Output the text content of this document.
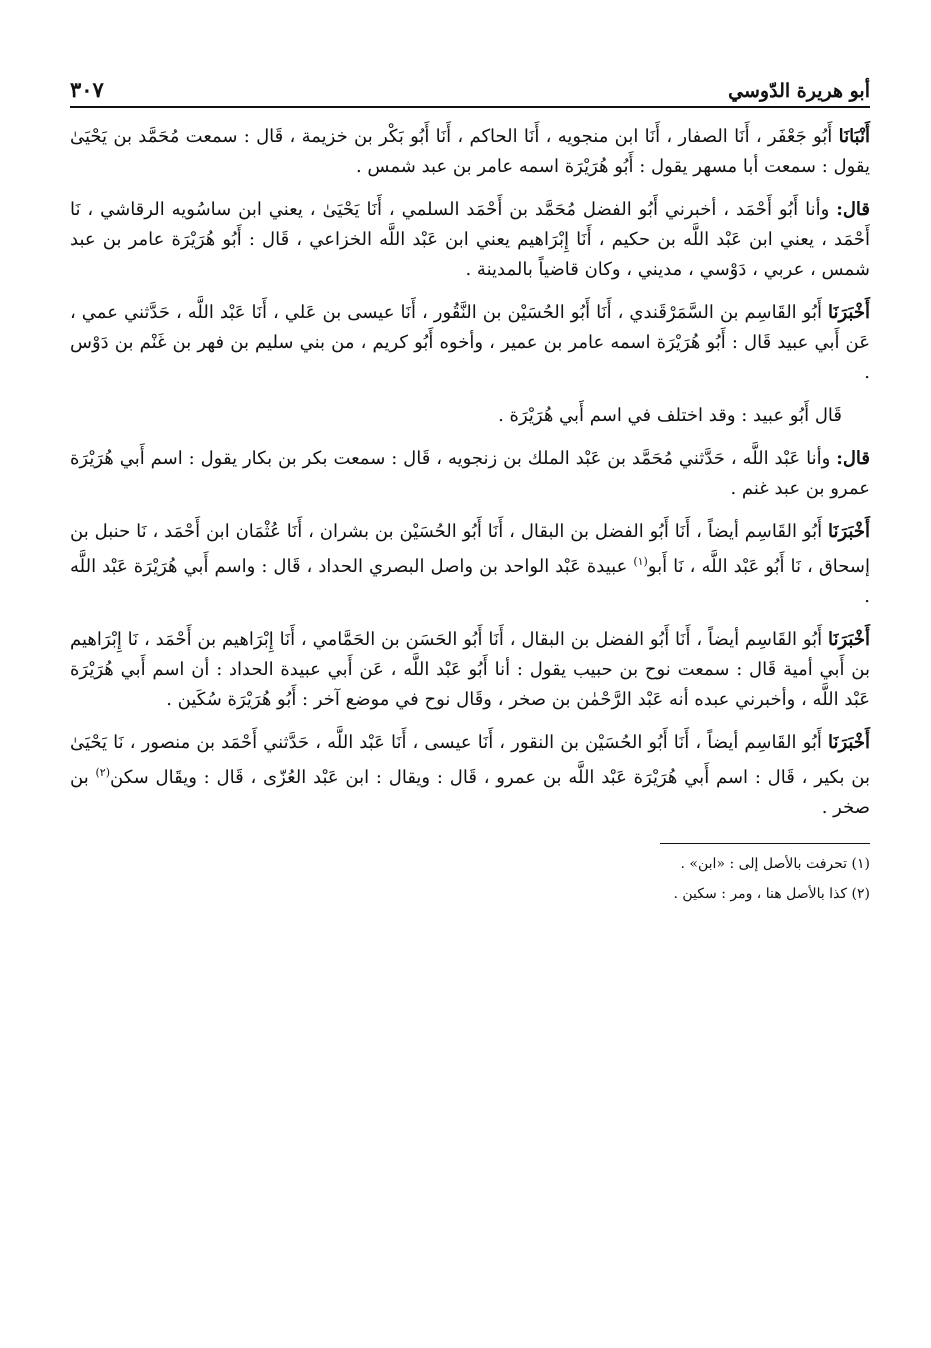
أبو هريرة الدّوسي
٣٠٧

أَنْبَانَا أَبُو جَعْفَر ، أَنَا الصفار ، أَنَا ابن منجويه ، أَنَا الحاكم ، أَنَا أَبُو بَكْر بن خزيمة ، قَال : سمعت مُحَمَّد بن يَحْيَىٰ يقول : سمعت أبا مسهر يقول : أَبُو هُرَيْرَة اسمه عامر بن عبد شمس .

قال: وأنا أَبُو أَحْمَد ، أخبرني أَبُو الفضل مُحَمَّد بن أَحْمَد السلمي ، أَنَا يَحْيَىٰ ، يعني ابن ساسُويه الرقاشي ، نَا أَحْمَد ، يعني ابن عَبْد اللَّه بن حكيم ، أَنَا إِبْرَاهيم يعني ابن عَبْد اللَّه الخزاعي ، قَال : أَبُو هُرَيْرَة عامر بن عبد شمس ، عربي ، دَوْسي ، مديني ، وكان قاضياً بالمدينة .

أَخْبَرَنَا أَبُو القَاسِم بن السَّمَرْقَندي ، أَنَا أَبُو الحُسَيْن بن النَّقُور ، أَنَا عيسى بن عَلي ، أَنَا عَبْد اللَّه ، حَدَّثني عمي ، عَن أَبي عبيد قَال : أَبُو هُرَيْرَة اسمه عامر بن عمير ، وأخوه أَبُو كريم ، من بني سليم بن فهر بن غَنْم بن دَوْس .

قَال أَبُو عبيد : وقد اختلف في اسم أَبي هُرَيْرَة .

قال: وأنا عَبْد اللَّه ، حَدَّثني مُحَمَّد بن عَبْد الملك بن زنجويه ، قَال : سمعت بكر بن بكار يقول : اسم أَبي هُرَيْرَة عمرو بن عبد غنم .

أَخْبَرَنَا أَبُو القَاسِم أيضاً ، أَنَا أَبُو الفضل بن البقال ، أَنَا أَبُو الحُسَيْن بن بشران ، أَنَا عُثْمَان ابن أَحْمَد ، نَا حنبل بن إسحاق ، نَا أَبُو عَبْد اللَّه ، نَا أَبو$^{(١)}$ عبيدة عَبْد الواحد بن واصل البصري الحداد ، قَال : واسم أَبي هُرَيْرَة عَبْد اللَّه .

أَخْبَرَنَا أَبُو القَاسِم أيضاً ، أَنَا أَبُو الفضل بن البقال ، أَنَا أَبُو الحَسَن بن الحَمَّامي ، أَنَا إِبْرَاهيم بن أَحْمَد ، نَا إِبْرَاهيم بن أَبي أمية قَال : سمعت نوح بن حبيب يقول : أنا أَبُو عَبْد اللَّه ، عَن أَبي عبيدة الحداد : أن اسم أَبي هُرَيْرَة عَبْد اللَّه ، وأخبرني عبده أنه عَبْد الرَّحْمٰن بن صخر ، وقَال نوح في موضع آخر : أَبُو هُرَيْرَة سُكَين .

أَخْبَرَنَا أَبُو القَاسِم أيضاً ، أَنَا أَبُو الحُسَيْن بن النقور ، أَنَا عيسى ، أَنَا عَبْد اللَّه ، حَدَّثني أَحْمَد بن منصور ، نَا يَحْيَىٰ بن بكير ، قَال : اسم أَبي هُرَيْرَة عَبْد اللَّه بن عمرو ، قَال : ويقال : ابن عَبْد العُزّى ، قَال : ويقَال سكن$^{(٢)}$ بن صخر .

(١) تحرفت بالأصل إلى : «ابن» .

(٢) كذا بالأصل هنا ، ومر : سكين .
